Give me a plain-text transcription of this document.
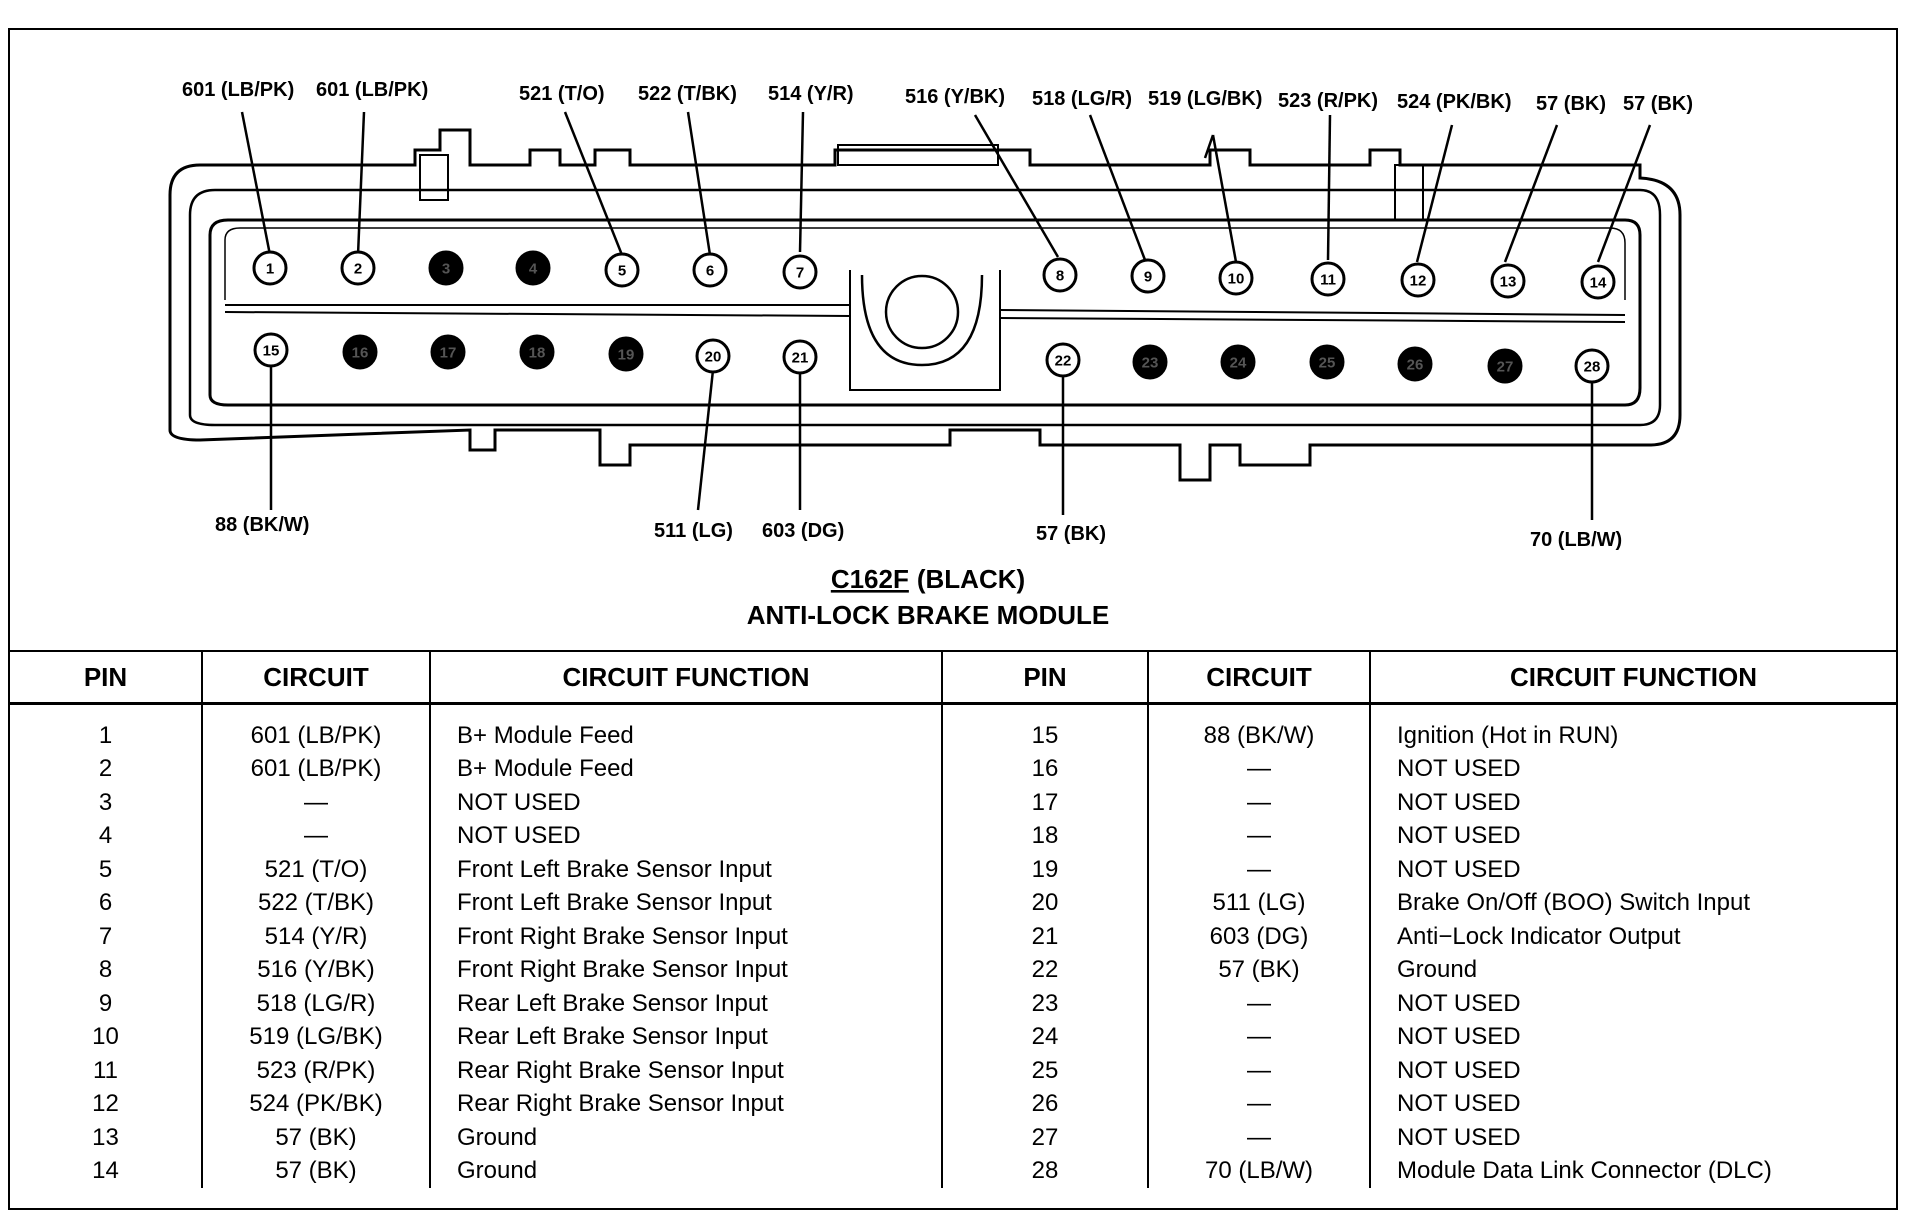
1	2	3	4	5	6	7	8	9	10	11	12	13	14
15	16	17	18	19	20	21	22	23	24	25	26	27	28
601 (LB/PK) 601 (LB/PK)	521 (T/O) 522 (T/BK) 514 (Y/R)	516 (Y/BK) 518 (LG/R) 519 (LG/BK) 523 (R/PK) 524 (PK/BK) 57 (BK) 57 (BK)
88 (BK/W)	511 (LG) 603 (DG)	57 (BK)	70 (LB/W)
C162F (BLACK)
ANTI-LOCK BRAKE MODULE
PIN	CIRCUIT	CIRCUIT FUNCTION	PIN	CIRCUIT	CIRCUIT FUNCTION
1	601 (LB/PK)	B+ Module Feed	15	88 (BK/W)	Ignition (Hot in RUN)
2	601 (LB/PK)	B+ Module Feed	16	—	NOT USED
3	—	NOT USED	17	—	NOT USED
4	—	NOT USED	18	—	NOT USED
5	521 (T/O)	Front Left Brake Sensor Input	19	—	NOT USED
6	522 (T/BK)	Front Left Brake Sensor Input	20	511 (LG)	Brake On/Off (BOO) Switch Input
7	514 (Y/R)	Front Right Brake Sensor Input	21	603 (DG)	Anti−Lock Indicator Output
8	516 (Y/BK)	Front Right Brake Sensor Input	22	57 (BK)	Ground
9	518 (LG/R)	Rear Left Brake Sensor Input	23	—	NOT USED
10	519 (LG/BK)	Rear Left Brake Sensor Input	24	—	NOT USED
11	523 (R/PK)	Rear Right Brake Sensor Input	25	—	NOT USED
12	524 (PK/BK)	Rear Right Brake Sensor Input	26	—	NOT USED
13	57 (BK)	Ground	27	—	NOT USED
14	57 (BK)	Ground	28	70 (LB/W)	Module Data Link Connector (DLC)
